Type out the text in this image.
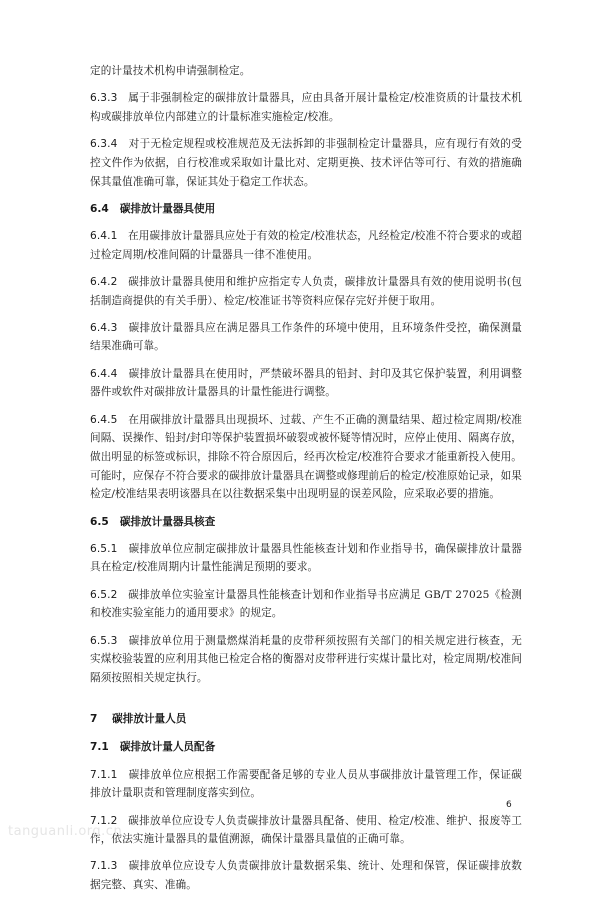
定的计量技术机构申请强制检定。
6.3.3 属于非强制检定的碳排放计量器具，应由具备开展计量检定/校准资质的计量技术机构或碳排放单位内部建立的计量标准实施检定/校准。
6.3.4 对于无检定规程或校准规范及无法拆卸的非强制检定计量器具，应有现行有效的受控文件作为依据，自行校准或采取如计量比对、定期更换、技术评估等可行、有效的措施确保其量值准确可靠，保证其处于稳定工作状态。
6.4 碳排放计量器具使用
6.4.1 在用碳排放计量器具应处于有效的检定/校准状态，凡经检定/校准不符合要求的或超过检定周期/校准间隔的计量器具一律不准使用。
6.4.2 碳排放计量器具使用和维护应指定专人负责，碳排放计量器具有效的使用说明书(包括制造商提供的有关手册）、检定/校准证书等资料应保存完好并便于取用。
6.4.3 碳排放计量器具应在满足器具工作条件的环境中使用，且环境条件受控，确保测量结果准确可靠。
6.4.4 碳排放计量器具在使用时，严禁破坏器具的铅封、封印及其它保护装置，利用调整器件或软件对碳排放计量器具的计量性能进行调整。
6.4.5 在用碳排放计量器具出现损坏、过载、产生不正确的测量结果、超过检定周期/校准间隔、误操作、铅封/封印等保护装置损坏破裂或被怀疑等情况时，应停止使用、隔离存放，做出明显的标签或标识，排除不符合原因后，经再次检定/校准符合要求才能重新投入使用。可能时，应保存不符合要求的碳排放计量器具在调整或修理前后的检定/校准原始记录，如果检定/校准结果表明该器具在以往数据采集中出现明显的误差风险，应采取必要的措施。
6.5 碳排放计量器具核查
6.5.1 碳排放单位应制定碳排放计量器具性能核查计划和作业指导书，确保碳排放计量器具在检定/校准周期内计量性能满足预期的要求。
6.5.2 碳排放单位实验室计量器具性能核查计划和作业指导书应满足 GB/T 27025《检测和校准实验室能力的通用要求》的规定。
6.5.3 碳排放单位用于测量燃煤消耗量的皮带秤须按照有关部门的相关规定进行核查，无实煤校验装置的应利用其他已检定合格的衡器对皮带秤进行实煤计量比对，检定周期/校准间隔须按照相关规定执行。
7 碳排放计量人员
7.1 碳排放计量人员配备
7.1.1 碳排放单位应根据工作需要配备足够的专业人员从事碳排放计量管理工作，保证碳排放计量职责和管理制度落实到位。
7.1.2 碳排放单位应设专人负责碳排放计量器具配备、使用、检定/校准、维护、报废等工作，依法实施计量器具的量值溯源，确保计量器具量值的正确可靠。
7.1.3 碳排放单位应设专人负责碳排放计量数据采集、统计、处理和保管，保证碳排放数据完整、真实、准确。
6
tanguanli.org.cn
